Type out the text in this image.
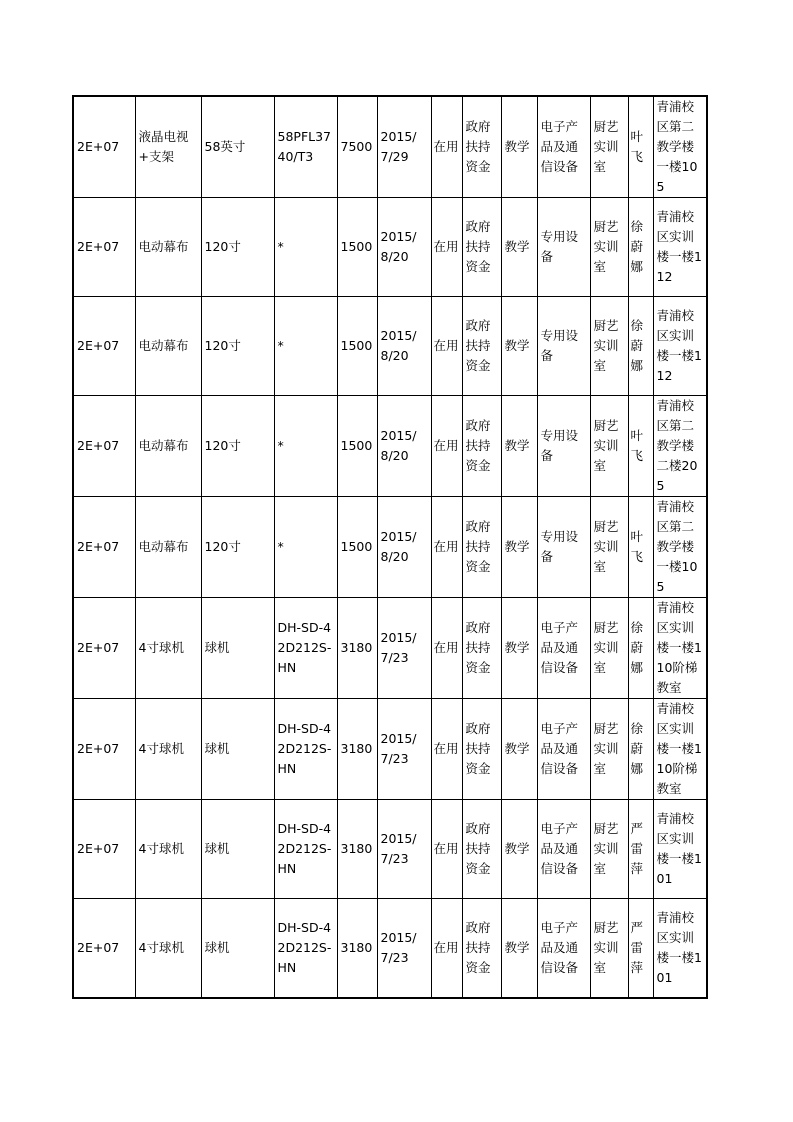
2E+07	液晶电视+支架	58英寸	58PFL3740/T3	7500	2015/7/29	在用	政府扶持资金	教学	电子产品及通信设备	厨艺实训室	叶飞	青浦校区第二教学楼一楼105
2E+07	电动幕布	120寸	*	1500	2015/8/20	在用	政府扶持资金	教学	专用设备	厨艺实训室	徐蔚娜	青浦校区实训楼一楼112
2E+07	电动幕布	120寸	*	1500	2015/8/20	在用	政府扶持资金	教学	专用设备	厨艺实训室	徐蔚娜	青浦校区实训楼一楼112
2E+07	电动幕布	120寸	*	1500	2015/8/20	在用	政府扶持资金	教学	专用设备	厨艺实训室	叶飞	青浦校区第二教学楼二楼205
2E+07	电动幕布	120寸	*	1500	2015/8/20	在用	政府扶持资金	教学	专用设备	厨艺实训室	叶飞	青浦校区第二教学楼一楼105
2E+07	4寸球机	球机	DH-SD-42D212S-HN	3180	2015/7/23	在用	政府扶持资金	教学	电子产品及通信设备	厨艺实训室	徐蔚娜	青浦校区实训楼一楼110阶梯教室
2E+07	4寸球机	球机	DH-SD-42D212S-HN	3180	2015/7/23	在用	政府扶持资金	教学	电子产品及通信设备	厨艺实训室	徐蔚娜	青浦校区实训楼一楼110阶梯教室
2E+07	4寸球机	球机	DH-SD-42D212S-HN	3180	2015/7/23	在用	政府扶持资金	教学	电子产品及通信设备	厨艺实训室	严雷萍	青浦校区实训楼一楼101
2E+07	4寸球机	球机	DH-SD-42D212S-HN	3180	2015/7/23	在用	政府扶持资金	教学	电子产品及通信设备	厨艺实训室	严雷萍	青浦校区实训楼一楼101
